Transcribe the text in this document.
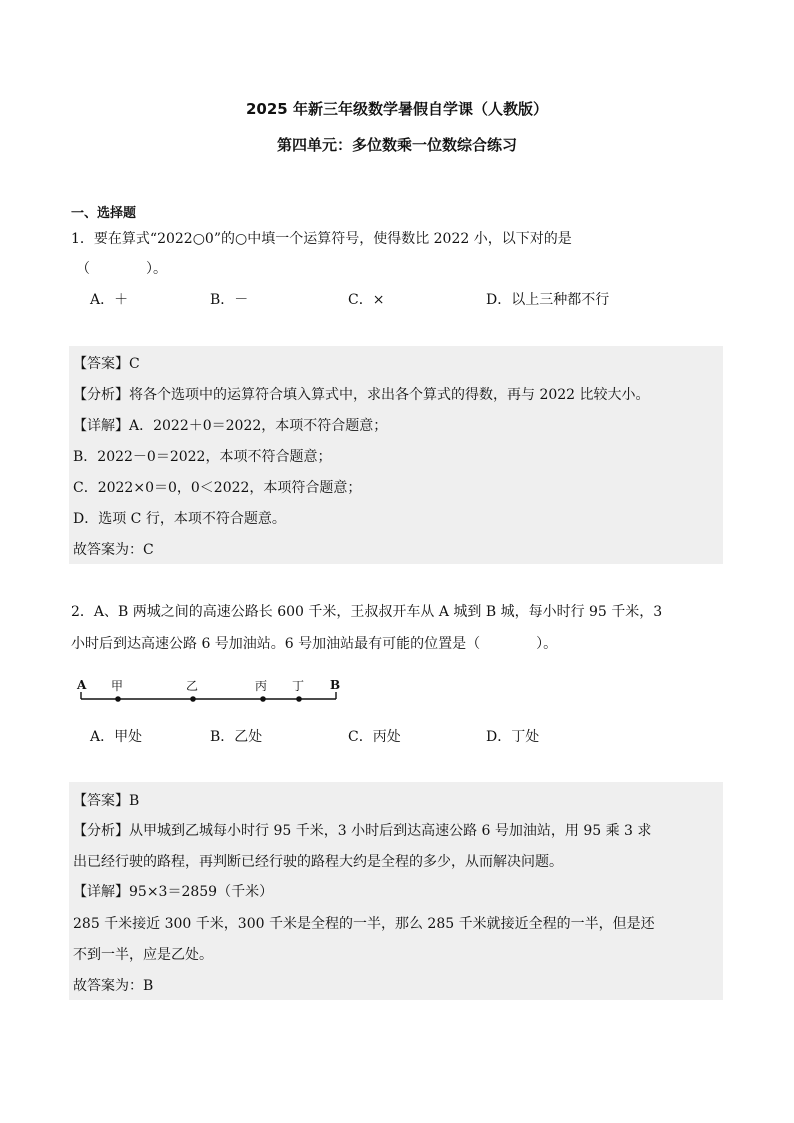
2025 年新三年级数学暑假自学课（人教版）
第四单元：多位数乘一位数综合练习
一、选择题
1．要在算式“2022○0”的○中填一个运算符号，使得数比 2022 小，以下对的是
（　　　　）。
A．＋	B．－	C．×	D．以上三种都不行
【答案】C
【分析】将各个选项中的运算符合填入算式中，求出各个算式的得数，再与 2022 比较大小。
【详解】A．2022＋0＝2022，本项不符合题意；
B．2022－0＝2022，本项不符合题意；
C．2022×0＝0，0＜2022，本项符合题意；
D．选项 C 行，本项不符合题意。
故答案为：C
2．A、B 两城之间的高速公路长 600 千米，王叔叔开车从 A 城到 B 城，每小时行 95 千米，3
小时后到达高速公路 6 号加油站。6 号加油站最有可能的位置是（　　　　）。
A	B
甲	乙	丙 丁
A．甲处	B．乙处	C．丙处	D．丁处
【答案】B
【分析】从甲城到乙城每小时行 95 千米，3 小时后到达高速公路 6 号加油站，用 95 乘 3 求
出已经行驶的路程，再判断已经行驶的路程大约是全程的多少，从而解决问题。
【详解】95×3＝2859（千米）
285 千米接近 300 千米，300 千米是全程的一半，那么 285 千米就接近全程的一半，但是还
不到一半，应是乙处。
故答案为：B
